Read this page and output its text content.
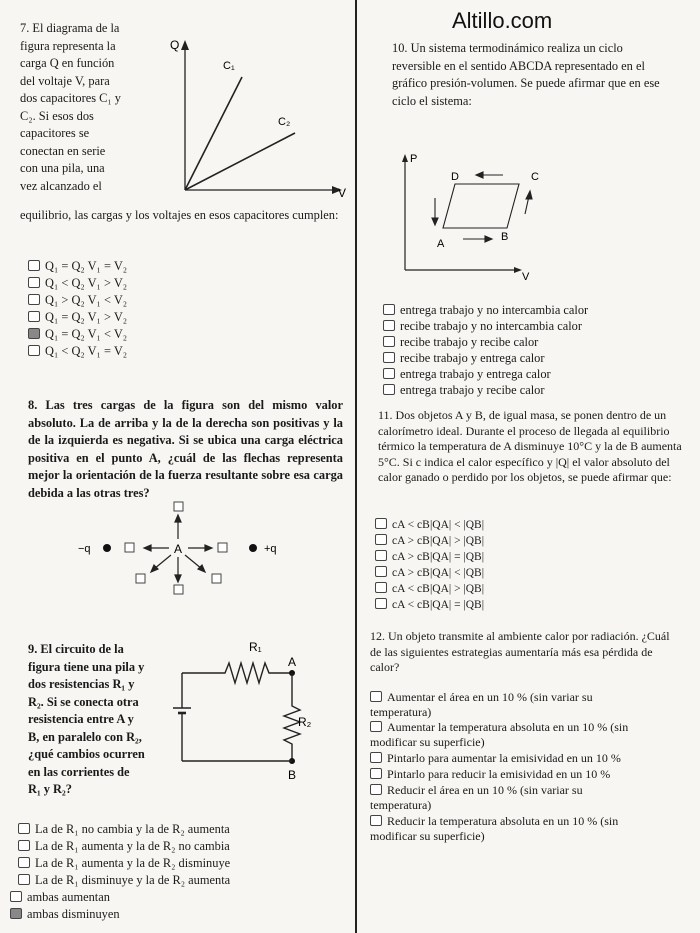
Altillo.com
7. El diagrama de la
figura representa la
carga Q en función
del voltaje V, para
dos capacitores C₁ y
C₂. Si esos dos
capacitores se
conectan en serie
con una pila, una
vez alcanzado el
equilibrio, las cargas y los voltajes en esos capacitores cumplen:
Q
V
C₁
C₂
Q₁ = Q₂ V₁ = V₂
Q₁ < Q₂ V₁ > V₂
Q₁ > Q₂ V₁ < V₂
Q₁ = Q₂ V₁ > V₂
Q₁ = Q₂ V₁ < V₂
Q₁ < Q₂ V₁ = V₂
8. Las tres cargas de la figura son del mismo valor absoluto. La de arriba y la de la derecha son positivas y la de la izquierda es negativa. Si se ubica una carga eléctrica positiva en el punto A, ¿cuál de las flechas representa mejor la orientación de la fuerza resultante sobre esa carga debida a las otras tres?
−q	+q
A
9. El circuito de la
figura tiene una pila y
dos resistencias R₁ y
R₂. Si se conecta otra
resistencia entre A y
B, en paralelo con R₂,
¿qué cambios ocurren
en las corrientes de
R₁ y R₂?
R₁
A
R₂
B
La de R₁ no cambia y la de R₂ aumenta
La de R₁ aumenta y la de R₂ no cambia
La de R₁ aumenta y la de R₂ disminuye
La de R₁ disminuye y la de R₂ aumenta
ambas aumentan
ambas disminuyen
10. Un sistema termodinámico realiza un ciclo
reversible en el sentido ABCDA representado en el
gráfico presión-volumen. Se puede afirmar que en ese
ciclo el sistema:
P
V
A
B
C
D
entrega trabajo y no intercambia calor
recibe trabajo y no intercambia calor
recibe trabajo y recibe calor
recibe trabajo y entrega calor
entrega trabajo y entrega calor
entrega trabajo y recibe calor
11. Dos objetos A y B, de igual masa, se ponen dentro de un calorímetro ideal. Durante el proceso de llegada al equilibrio térmico la temperatura de A disminuye 10°C y la de B aumenta 5°C. Si c indica el calor específico y |Q| el valor absoluto del calor ganado o perdido por los objetos, se puede afirmar que:
cA < cB|QA| < |QB|
cA > cB|QA| > |QB|
cA > cB|QA| = |QB|
cA > cB|QA| < |QB|
cA < cB|QA| > |QB|
cA < cB|QA| = |QB|
12. Un objeto transmite al ambiente calor por radiación. ¿Cuál de las siguientes estrategias aumentaría más esa pérdida de calor?
Aumentar el área en un 10 % (sin variar su
temperatura)
Aumentar la temperatura absoluta en un 10 % (sin
modificar su superficie)
Pintarlo para aumentar la emisividad en un 10 %
Pintarlo para reducir la emisividad en un 10 %
Reducir el área en un 10 % (sin variar su
temperatura)
Reducir la temperatura absoluta en un 10 % (sin
modificar su superficie)
